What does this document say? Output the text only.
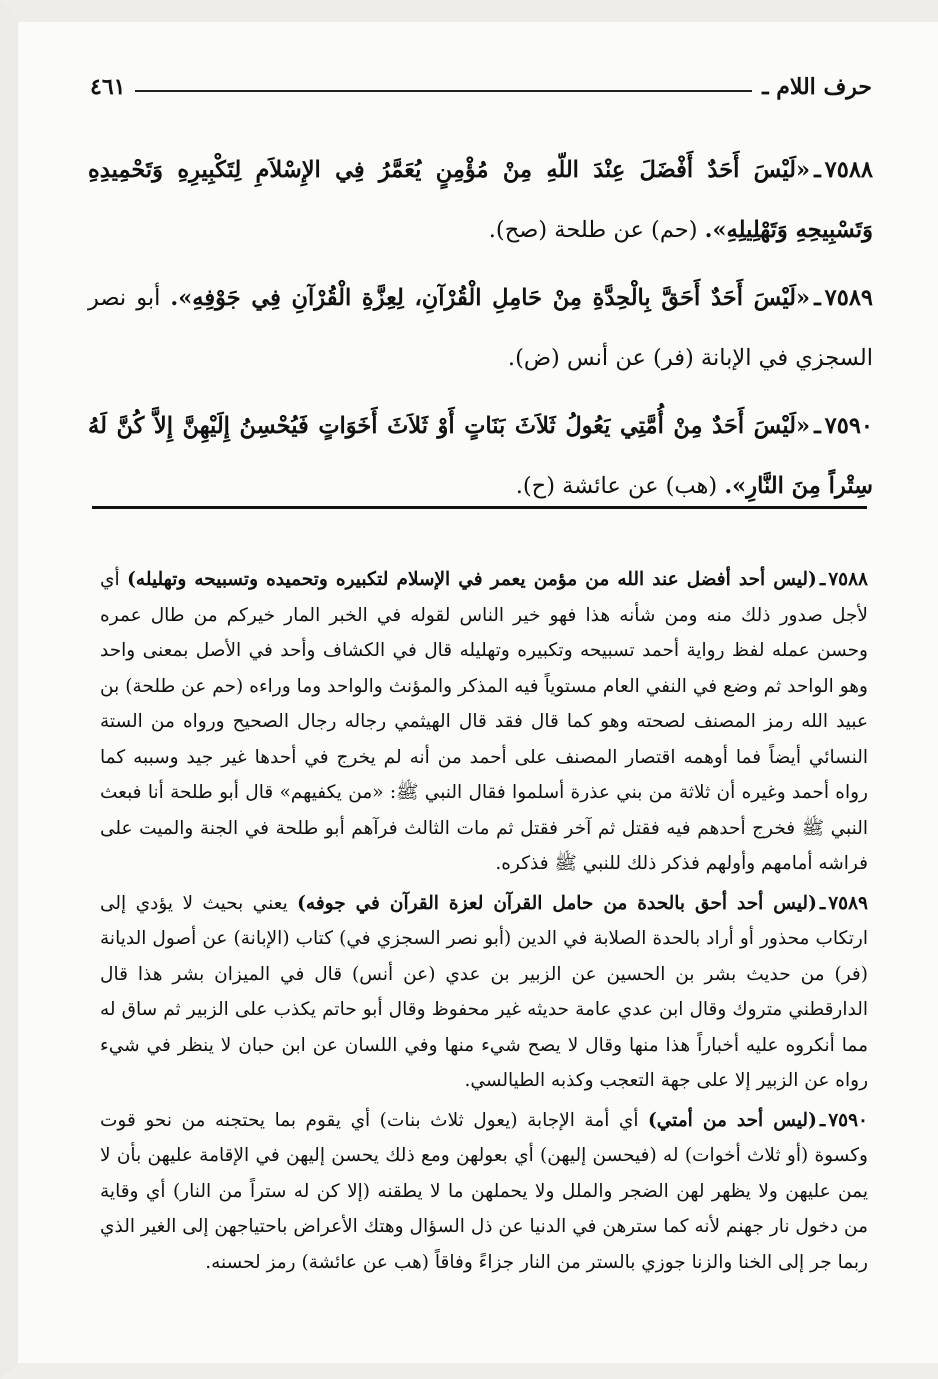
حرف اللام ـ
٤٦١

٧٥٨٨ـ«لَيْسَ أَحَدٌ أَفْضَلَ عِنْدَ اللّهِ مِنْ مُؤْمِنٍ يُعَمَّرُ فِي الإِسْلاَمِ لِتَكْبِيرِهِ وَتَحْمِيدِهِ وَتَسْبِيحِهِ وَتَهْلِيلِهِ». (حم) عن طلحة (صح).

٧٥٨٩ـ«لَيْسَ أَحَدٌ أَحَقَّ بِالْحِدَّةِ مِنْ حَامِلِ الْقُرْآنِ، لِعِزَّةِ الْقُرْآنِ فِي جَوْفِهِ». أبو نصر السجزي في الإبانة (فر) عن أنس (ض).

٧٥٩٠ـ«لَيْسَ أَحَدٌ مِنْ أُمَّتِي يَعُولُ ثَلاَثَ بَنَاتٍ أَوْ ثَلاَثَ أَخَوَاتٍ فَيُحْسِنُ إِلَيْهِنَّ إِلاَّ كُنَّ لَهُ سِتْراً مِنَ النَّارِ». (هب) عن عائشة (ح).

٧٥٨٨ـ(ليس أحد أفضل عند الله من مؤمن يعمر في الإسلام لتكبيره وتحميده وتسبيحه وتهليله) أي لأجل صدور ذلك منه ومن شأنه هذا فهو خير الناس لقوله في الخبر المار خيركم من طال عمره وحسن عمله لفظ رواية أحمد تسبيحه وتكبيره وتهليله قال في الكشاف وأحد في الأصل بمعنى واحد وهو الواحد ثم وضع في النفي العام مستوياً فيه المذكر والمؤنث والواحد وما وراءه (حم عن طلحة) بن عبيد الله رمز المصنف لصحته وهو كما قال فقد قال الهيثمي رجاله رجال الصحيح ورواه من الستة النسائي أيضاً فما أوهمه اقتصار المصنف على أحمد من أنه لم يخرج في أحدها غير جيد وسببه كما رواه أحمد وغيره أن ثلاثة من بني عذرة أسلموا فقال النبي ﷺ: «من يكفيهم» قال أبو طلحة أنا فبعث النبي ﷺ فخرج أحدهم فيه فقتل ثم آخر فقتل ثم مات الثالث فرآهم أبو طلحة في الجنة والميت على فراشه أمامهم وأولهم فذكر ذلك للنبي ﷺ فذكره.

٧٥٨٩ـ(ليس أحد أحق بالحدة من حامل القرآن لعزة القرآن في جوفه) يعني بحيث لا يؤدي إلى ارتكاب محذور أو أراد بالحدة الصلابة في الدين (أبو نصر السجزي في) كتاب (الإبانة) عن أصول الديانة (فر) من حديث بشر بن الحسين عن الزبير بن عدي (عن أنس) قال في الميزان بشر هذا قال الدارقطني متروك وقال ابن عدي عامة حديثه غير محفوظ وقال أبو حاتم يكذب على الزبير ثم ساق له مما أنكروه عليه أخباراً هذا منها وقال لا يصح شيء منها وفي اللسان عن ابن حبان لا ينظر في شيء رواه عن الزبير إلا على جهة التعجب وكذبه الطيالسي.

٧٥٩٠ـ(ليس أحد من أمتي) أي أمة الإجابة (يعول ثلاث بنات) أي يقوم بما يحتجنه من نحو قوت وكسوة (أو ثلاث أخوات) له (فيحسن إليهن) أي بعولهن ومع ذلك يحسن إليهن في الإقامة عليهن بأن لا يمن عليهن ولا يظهر لهن الضجر والملل ولا يحملهن ما لا يطقنه (إلا كن له ستراً من النار) أي وقاية من دخول نار جهنم لأنه كما سترهن في الدنيا عن ذل السؤال وهتك الأعراض باحتياجهن إلى الغير الذي ربما جر إلى الخنا والزنا جوزي بالستر من النار جزاءً وفاقاً (هب عن عائشة) رمز لحسنه.
